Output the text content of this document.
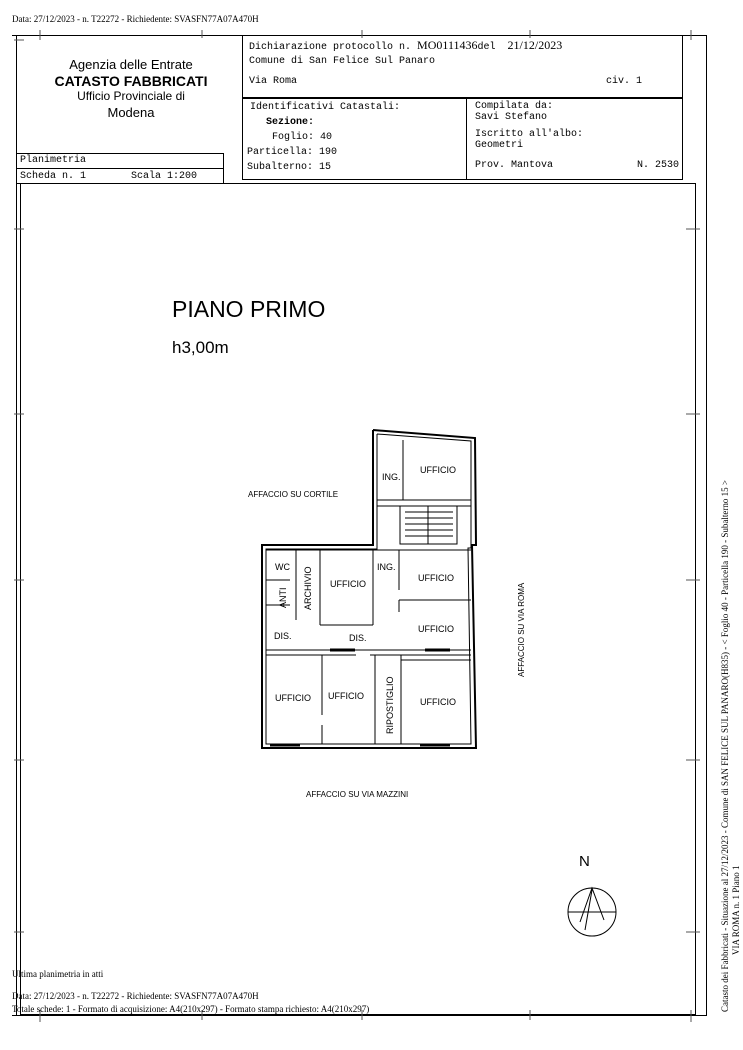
Data: 27/12/2023 - n. T22272 - Richiedente: SVASFN77A07A470H
Agenzia delle Entrate
CATASTO FABBRICATI
Ufficio Provinciale di
Modena
Dichiarazione protocollo n. MO0111436del 21/12/2023
Comune di San Felice Sul Panaro
Via Roma	civ. 1
Identificativi Catastali:
Sezione:
Foglio: 40
Particella: 190
Subalterno: 15
Compilata da:
Savi Stefano
Iscritto all'albo:
Geometri
Prov. Mantova	N. 2530
Planimetria
Scheda n. 1	Scala 1:200
PIANO PRIMO
h3,00m
UFFICIO
ING.
WC
ANTI ARCHIVIO UFFICIO
ING.
UFFICIO
DIS.	DIS.
UFFICIO
UFFICIO UFFICIO RIPOSTIGLIO	UFFICIO
AFFACCIO SU CORTILE
AFFACCIO SU VIA ROMA
AFFACCIO SU VIA MAZZINI
N	Catasto dei Fabbricati - Situazione al 27/12/2023 - Comune di SAN FELICE SUL PANARO(H835) - < Foglio 40 - Particella 190 - Subalterno 15 > VIA ROMA n. 1 Piano 1
Ultima planimetria in atti
Data: 27/12/2023 - n. T22272 - Richiedente: SVASFN77A07A470H
Totale schede: 1 - Formato di acquisizione: A4(210x297) - Formato stampa richiesto: A4(210x297)
